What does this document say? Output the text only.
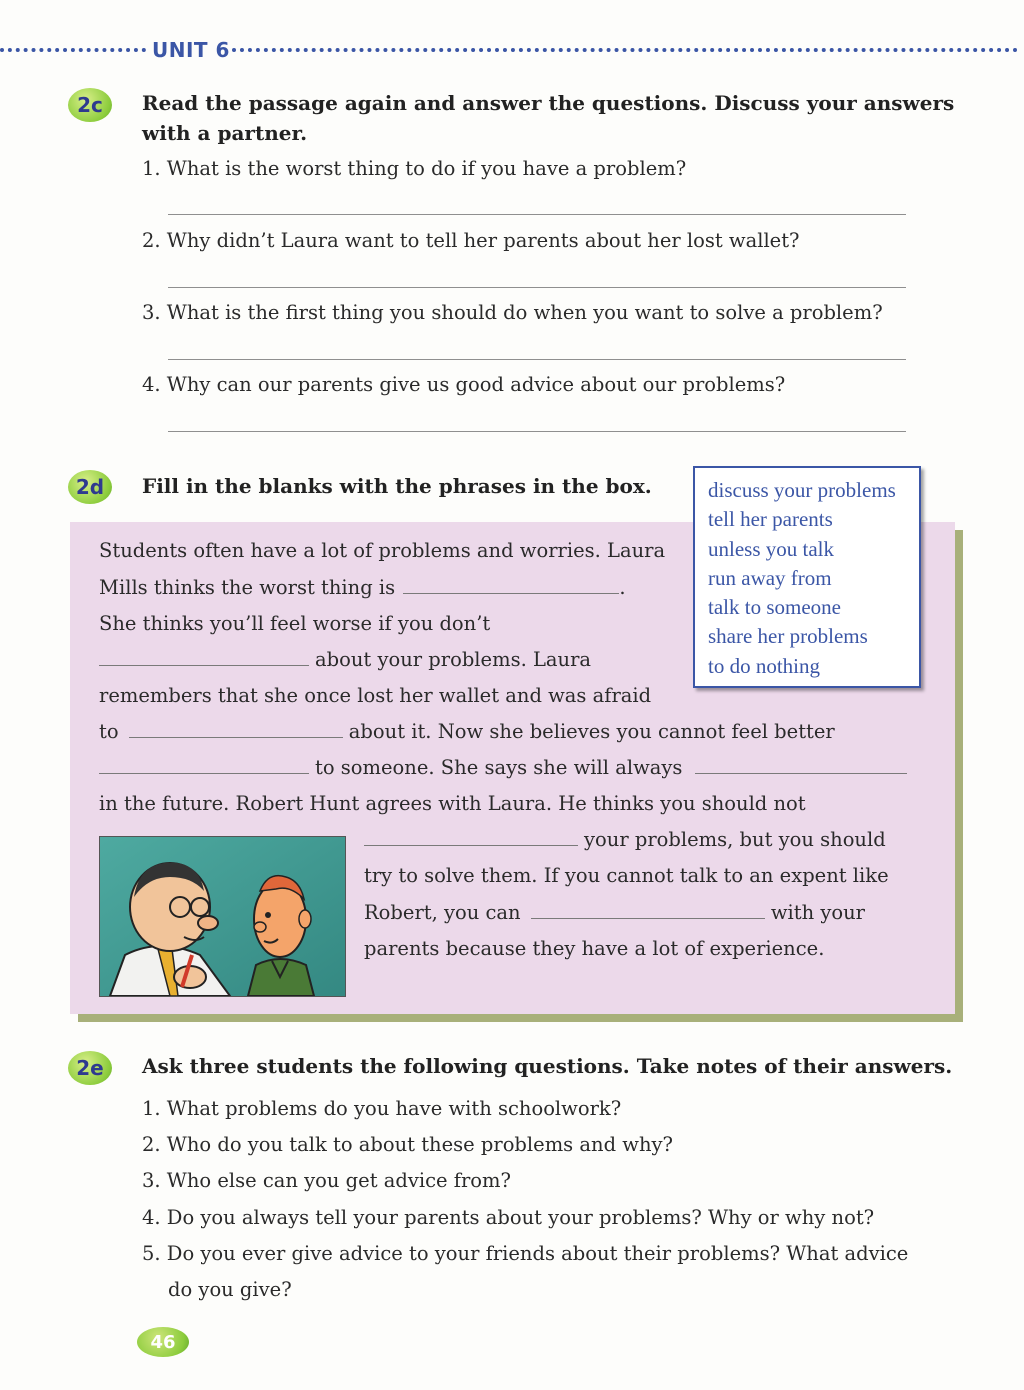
UNIT 6
2c	Read the passage again and answer the questions. Discuss your answers
with a partner.
1. What is the worst thing to do if you have a problem?
2. Why didn’t Laura want to tell her parents about her lost wallet?
3. What is the first thing you should do when you want to solve a problem?
4. Why can our parents give us good advice about our problems?
2d	Fill in the blanks with the phrases in the box.
Students often have a lot of problems and worries. Laura
Mills thinks the worst thing is	.
She thinks you’ll feel worse if you don’t
about your problems. Laura
remembers that she once lost her wallet and was afraid
to	about it. Now she believes you cannot feel better
to someone. She says she will always
in the future. Robert Hunt agrees with Laura. He thinks you should not
your problems, but you should
try to solve them. If you cannot talk to an expent like
Robert, you can	with your
parents because they have a lot of experience.
discuss your problems
tell her parents
unless you talk
run away from
talk to someone
share her problems
to do nothing
2e	Ask three students the following questions. Take notes of their answers.
1. What problems do you have with schoolwork?
2. Who do you talk to about these problems and why?
3. Who else can you get advice from?
4. Do you always tell your parents about your problems? Why or why not?
5. Do you ever give advice to your friends about their problems? What advice
do you give?
46
